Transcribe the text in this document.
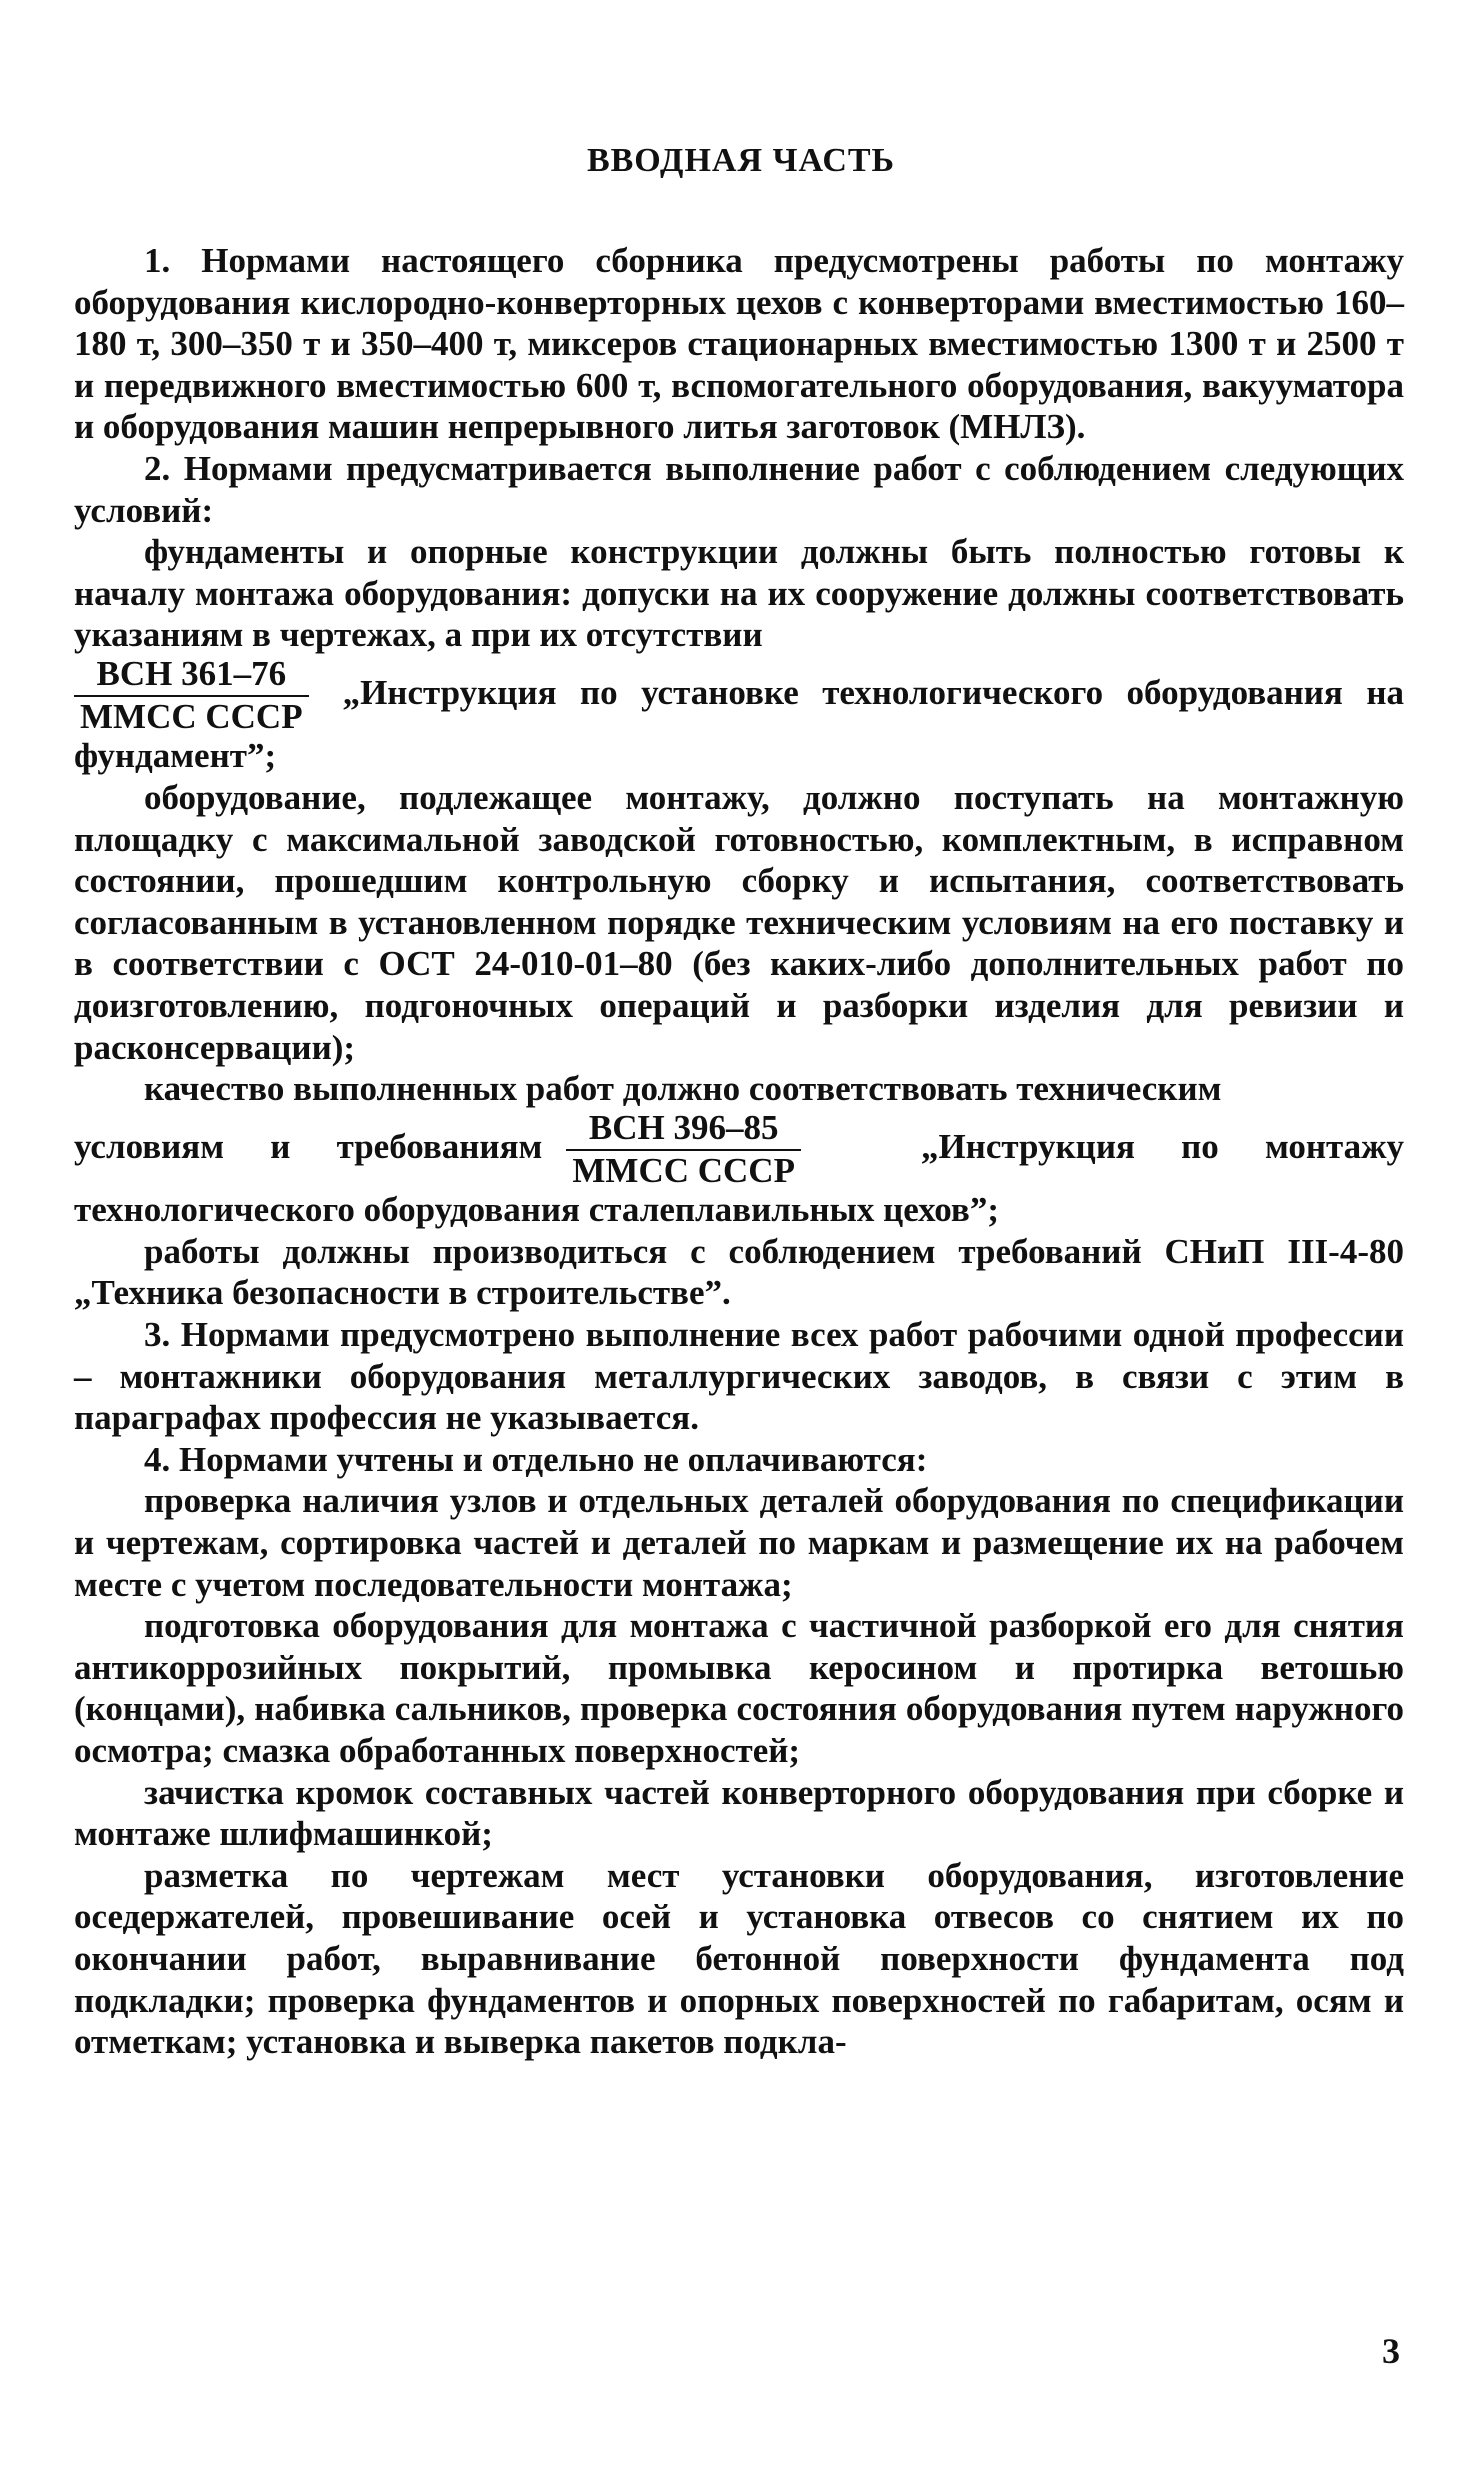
ВВОДНАЯ ЧАСТЬ

1. Нормами настоящего сборника предусмотрены работы по монтажу оборудования кислородно-конверторных цехов с конверторами вместимостью 160–180 т, 300–350 т и 350–400 т, миксеров стационарных вместимостью 1300 т и 2500 т и передвижного вместимостью 600 т, вспомогательного оборудования, вакууматора и оборудования машин непрерывного литья заготовок (МНЛЗ).

2. Нормами предусматривается выполнение работ с соблюдением следующих условий:

фундаменты и опорные конструкции должны быть полностью готовы к началу монтажа оборудования: допуски на их сооружение должны соответствовать указаниям в чертежах, а при их отсутствии

$\frac{\text{ВСН 361–76}}{\text{ММСС СССР}}$ „Инструкция по установке технологического оборудования на фундамент”;

оборудование, подлежащее монтажу, должно поступать на монтажную площадку с максимальной заводской готовностью, комплектным, в исправном состоянии, прошедшим контрольную сборку и испытания, соответствовать согласованным в установленном порядке техническим условиям на его поставку и в соответствии с ОСТ 24-010-01–80 (без каких-либо дополнительных работ по доизготовлению, подгоночных операций и разборки изделия для ревизии и расконсервации);

качество выполненных работ должно соответствовать техническим

условиям и требованиям $\frac{\text{ВСН 396–85}}{\text{ММСС СССР}}$	„Инструкция по монтажу технологического оборудования сталеплавильных цехов”;

работы должны производиться с соблюдением требований СНиП III-4-80 „Техника безопасности в строительстве”.

3. Нормами предусмотрено выполнение всех работ рабочими одной профессии – монтажники оборудования металлургических заводов, в связи с этим в параграфах профессия не указывается.

4. Нормами учтены и отдельно не оплачиваются:

проверка наличия узлов и отдельных деталей оборудования по спецификации и чертежам, сортировка частей и деталей по маркам и размещение их на рабочем месте с учетом последовательности монтажа;

подготовка оборудования для монтажа с частичной разборкой его для снятия антикоррозийных покрытий, промывка керосином и протирка ветошью (концами), набивка сальников, проверка состояния оборудования путем наружного осмотра; смазка обработанных поверхностей;

зачистка кромок составных частей конверторного оборудования при сборке и монтаже шлифмашинкой;

разметка по чертежам мест установки оборудования, изготовление оседержателей, провешивание осей и установка отвесов со снятием их по окончании работ, выравнивание бетонной поверхности фундамента под подкладки; проверка фундаментов и опорных поверхностей по габаритам, осям и отметкам; установка и выверка пакетов подкла-

3
